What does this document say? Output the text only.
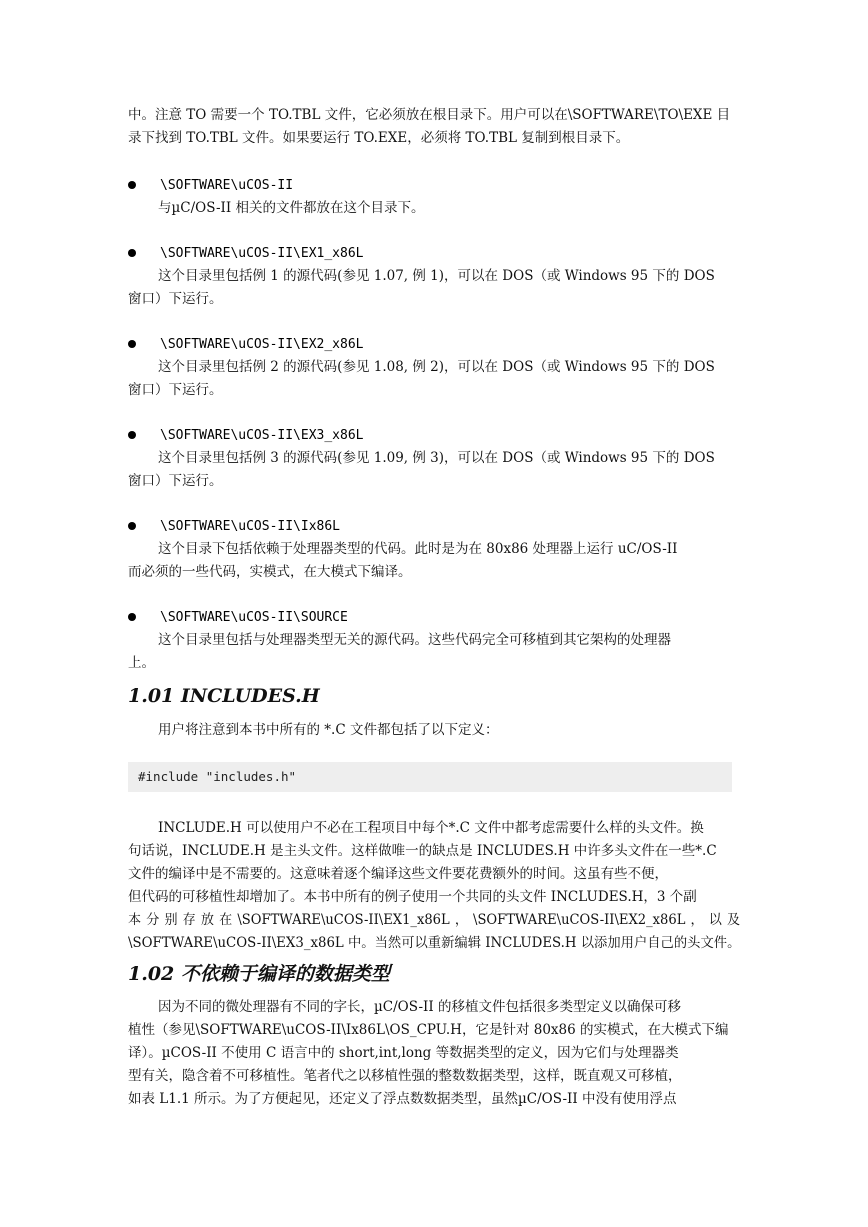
中。注意 TO 需要一个 TO.TBL 文件，它必须放在根目录下。用户可以在\SOFTWARE\TO\EXE 目
录下找到 TO.TBL 文件。如果要运行 TO.EXE，必须将 TO.TBL 复制到根目录下。
\SOFTWARE\uCOS-II
与µC/OS-II 相关的文件都放在这个目录下。
\SOFTWARE\uCOS-II\EX1_x86L
这个目录里包括例 1 的源代码(参见 1.07, 例 1)，可以在 DOS（或 Windows 95 下的 DOS
窗口）下运行。
\SOFTWARE\uCOS-II\EX2_x86L
这个目录里包括例 2 的源代码(参见 1.08, 例 2)，可以在 DOS（或 Windows 95 下的 DOS
窗口）下运行。
\SOFTWARE\uCOS-II\EX3_x86L
这个目录里包括例 3 的源代码(参见 1.09, 例 3)，可以在 DOS（或 Windows 95 下的 DOS
窗口）下运行。
\SOFTWARE\uCOS-II\Ix86L
这个目录下包括依赖于处理器类型的代码。此时是为在 80x86 处理器上运行 uC/OS-II
而必须的一些代码，实模式，在大模式下编译。
\SOFTWARE\uCOS-II\SOURCE
这个目录里包括与处理器类型无关的源代码。这些代码完全可移植到其它架构的处理器
上。
1.01 INCLUDES.H
用户将注意到本书中所有的 *.C 文件都包括了以下定义：
#include "includes.h"
INCLUDE.H 可以使用户不必在工程项目中每个*.C 文件中都考虑需要什么样的头文件。换
句话说，INCLUDE.H 是主头文件。这样做唯一的缺点是 INCLUDES.H 中许多头文件在一些*.C
文件的编译中是不需要的。这意味着逐个编译这些文件要花费额外的时间。这虽有些不便，
但代码的可移植性却增加了。本书中所有的例子使用一个共同的头文件 INCLUDES.H，3 个副
本 分 别 存 放 在 \SOFTWARE\uCOS-II\EX1_x86L ， \SOFTWARE\uCOS-II\EX2_x86L ， 以 及
\SOFTWARE\uCOS-II\EX3_x86L 中。当然可以重新编辑 INCLUDES.H 以添加用户自己的头文件。
1.02 不依赖于编译的数据类型
因为不同的微处理器有不同的字长，µC/OS-II 的移植文件包括很多类型定义以确保可移
植性（参见\SOFTWARE\uCOS-II\Ix86L\OS_CPU.H，它是针对 80x86 的实模式，在大模式下编
译）。µCOS-II 不使用 C 语言中的 short,int,long 等数据类型的定义，因为它们与处理器类
型有关，隐含着不可移植性。笔者代之以移植性强的整数数据类型，这样，既直观又可移植，
如表 L1.1 所示。为了方便起见，还定义了浮点数数据类型，虽然µC/OS-II 中没有使用浮点
